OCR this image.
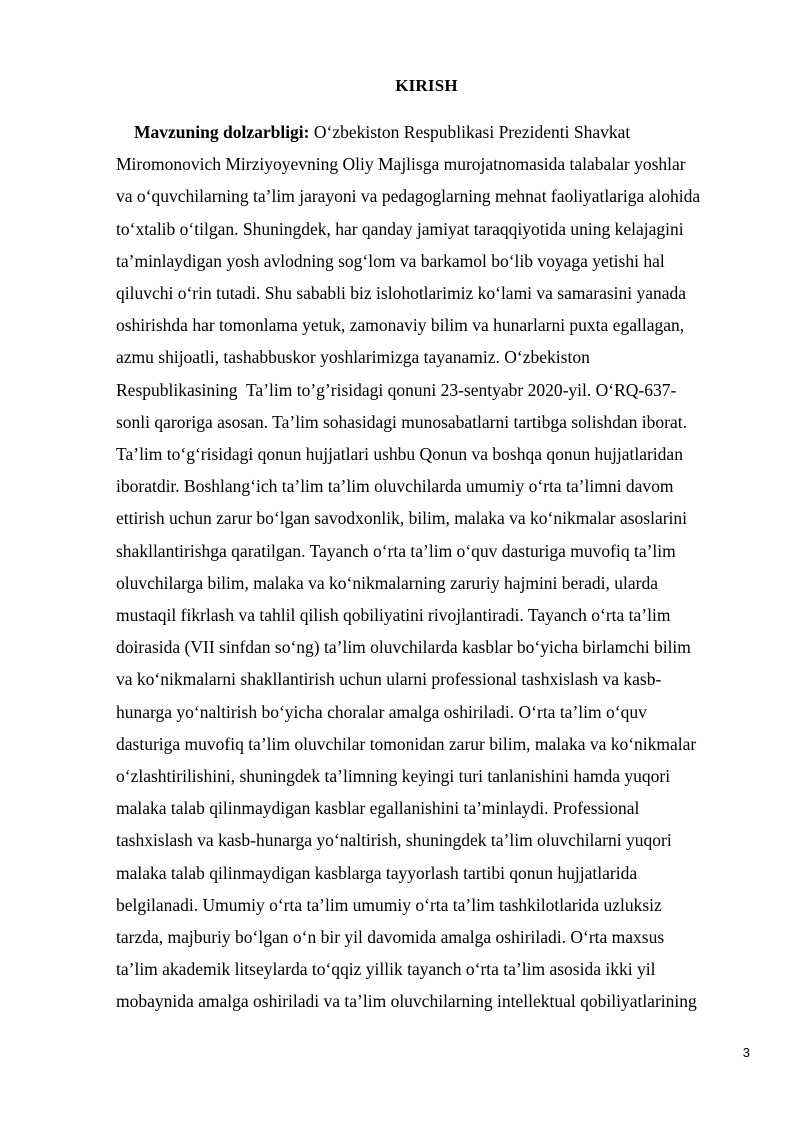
KIRISH
Mavzuning dolzarbligi: O‘zbekiston Respublikasi Prezidenti Shavkat
Miromonovich Mirziyoyevning Oliy Majlisga murojatnomasida talabalar yoshlar
va o‘quvchilarning ta’lim jarayoni va pedagoglarning mehnat faoliyatlariga alohida
to‘xtalib o‘tilgan. Shuningdek, har qanday jamiyat taraqqiyotida uning kelajagini
ta’minlaydigan yosh avlodning sog‘lom va barkamol bo‘lib voyaga yetishi hal
qiluvchi o‘rin tutadi. Shu sababli biz islohotlarimiz ko‘lami va samarasini yanada
oshirishda har tomonlama yetuk, zamonaviy bilim va hunarlarni puxta egallagan,
azmu shijoatli, tashabbuskor yoshlarimizga tayanamiz. O‘zbekiston
Respublikasining  Ta’lim to’g’risidagi qonuni 23-sentyabr 2020-yil. O‘RQ-637-
sonli qaroriga asosan. Ta’lim sohasidagi munosabatlarni tartibga solishdan iborat.
Ta’lim to‘g‘risidagi qonun hujjatlari ushbu Qonun va boshqa qonun hujjatlaridan
iboratdir. Boshlang‘ich ta’lim ta’lim oluvchilarda umumiy o‘rta ta’limni davom
ettirish uchun zarur bo‘lgan savodxonlik, bilim, malaka va ko‘nikmalar asoslarini
shakllantirishga qaratilgan. Tayanch o‘rta ta’lim o‘quv dasturiga muvofiq ta’lim
oluvchilarga bilim, malaka va ko‘nikmalarning zaruriy hajmini beradi, ularda
mustaqil fikrlash va tahlil qilish qobiliyatini rivojlantiradi. Tayanch o‘rta ta’lim
doirasida (VII sinfdan so‘ng) ta’lim oluvchilarda kasblar bo‘yicha birlamchi bilim
va ko‘nikmalarni shakllantirish uchun ularni professional tashxislash va kasb-
hunarga yo‘naltirish bo‘yicha choralar amalga oshiriladi. O‘rta ta’lim o‘quv
dasturiga muvofiq ta’lim oluvchilar tomonidan zarur bilim, malaka va ko‘nikmalar
o‘zlashtirilishini, shuningdek ta’limning keyingi turi tanlanishini hamda yuqori
malaka talab qilinmaydigan kasblar egallanishini ta’minlaydi. Professional
tashxislash va kasb-hunarga yo‘naltirish, shuningdek ta’lim oluvchilarni yuqori
malaka talab qilinmaydigan kasblarga tayyorlash tartibi qonun hujjatlarida
belgilanadi. Umumiy o‘rta ta’lim umumiy o‘rta ta’lim tashkilotlarida uzluksiz
tarzda, majburiy bo‘lgan o‘n bir yil davomida amalga oshiriladi. O‘rta maxsus
ta’lim akademik litseylarda to‘qqiz yillik tayanch o‘rta ta’lim asosida ikki yil
mobaynida amalga oshiriladi va ta’lim oluvchilarning intellektual qobiliyatlarining
3
